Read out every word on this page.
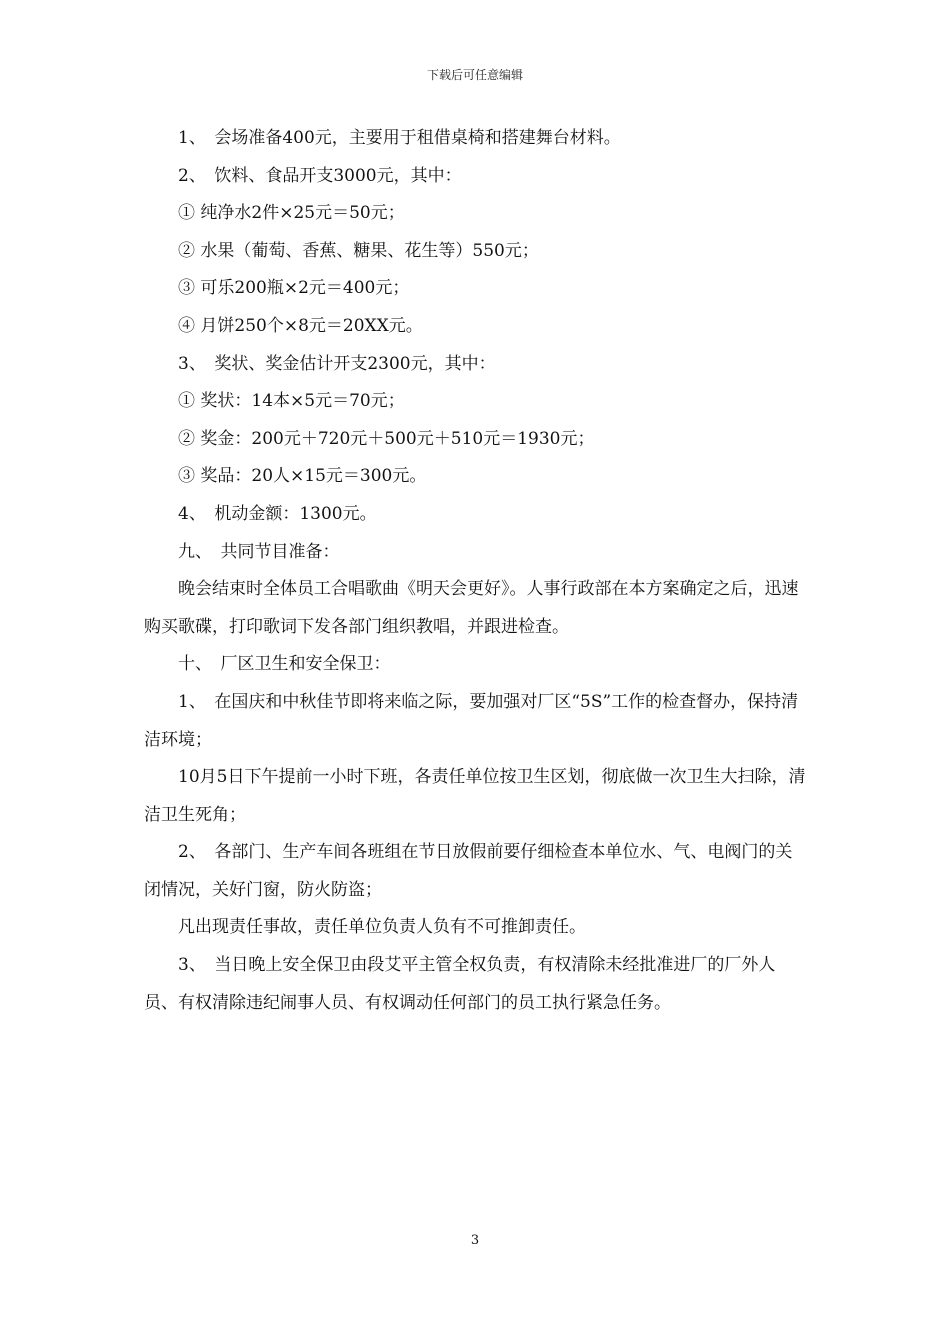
下载后可任意编辑

1、　会场准备400元，主要用于租借桌椅和搭建舞台材料。

2、　饮料、食品开支3000元，其中：

① 纯净水2件×25元＝50元；

② 水果（葡萄、香蕉、糖果、花生等）550元；

③ 可乐200瓶×2元＝400元；

④ 月饼250个×8元＝20XX元。

3、　奖状、奖金估计开支2300元，其中：

① 奖状：14本×5元＝70元；

② 奖金：200元＋720元＋500元＋510元＝1930元；

③ 奖品：20人×15元＝300元。

4、　机动金额：1300元。

九、　共同节目准备：

晚会结束时全体员工合唱歌曲《明天会更好》。人事行政部在本方案确定之后，迅速购买歌碟，打印歌词下发各部门组织教唱，并跟进检查。

十、　厂区卫生和安全保卫：

1、　在国庆和中秋佳节即将来临之际，要加强对厂区“5S”工作的检查督办，保持清洁环境；

10月5日下午提前一小时下班，各责任单位按卫生区划，彻底做一次卫生大扫除，清洁卫生死角；

2、　各部门、生产车间各班组在节日放假前要仔细检查本单位水、气、电阀门的关闭情况，关好门窗，防火防盗；

凡出现责任事故，责任单位负责人负有不可推卸责任。

3、　当日晚上安全保卫由段艾平主管全权负责，有权清除未经批准进厂的厂外人员、有权清除违纪闹事人员、有权调动任何部门的员工执行紧急任务。

3
